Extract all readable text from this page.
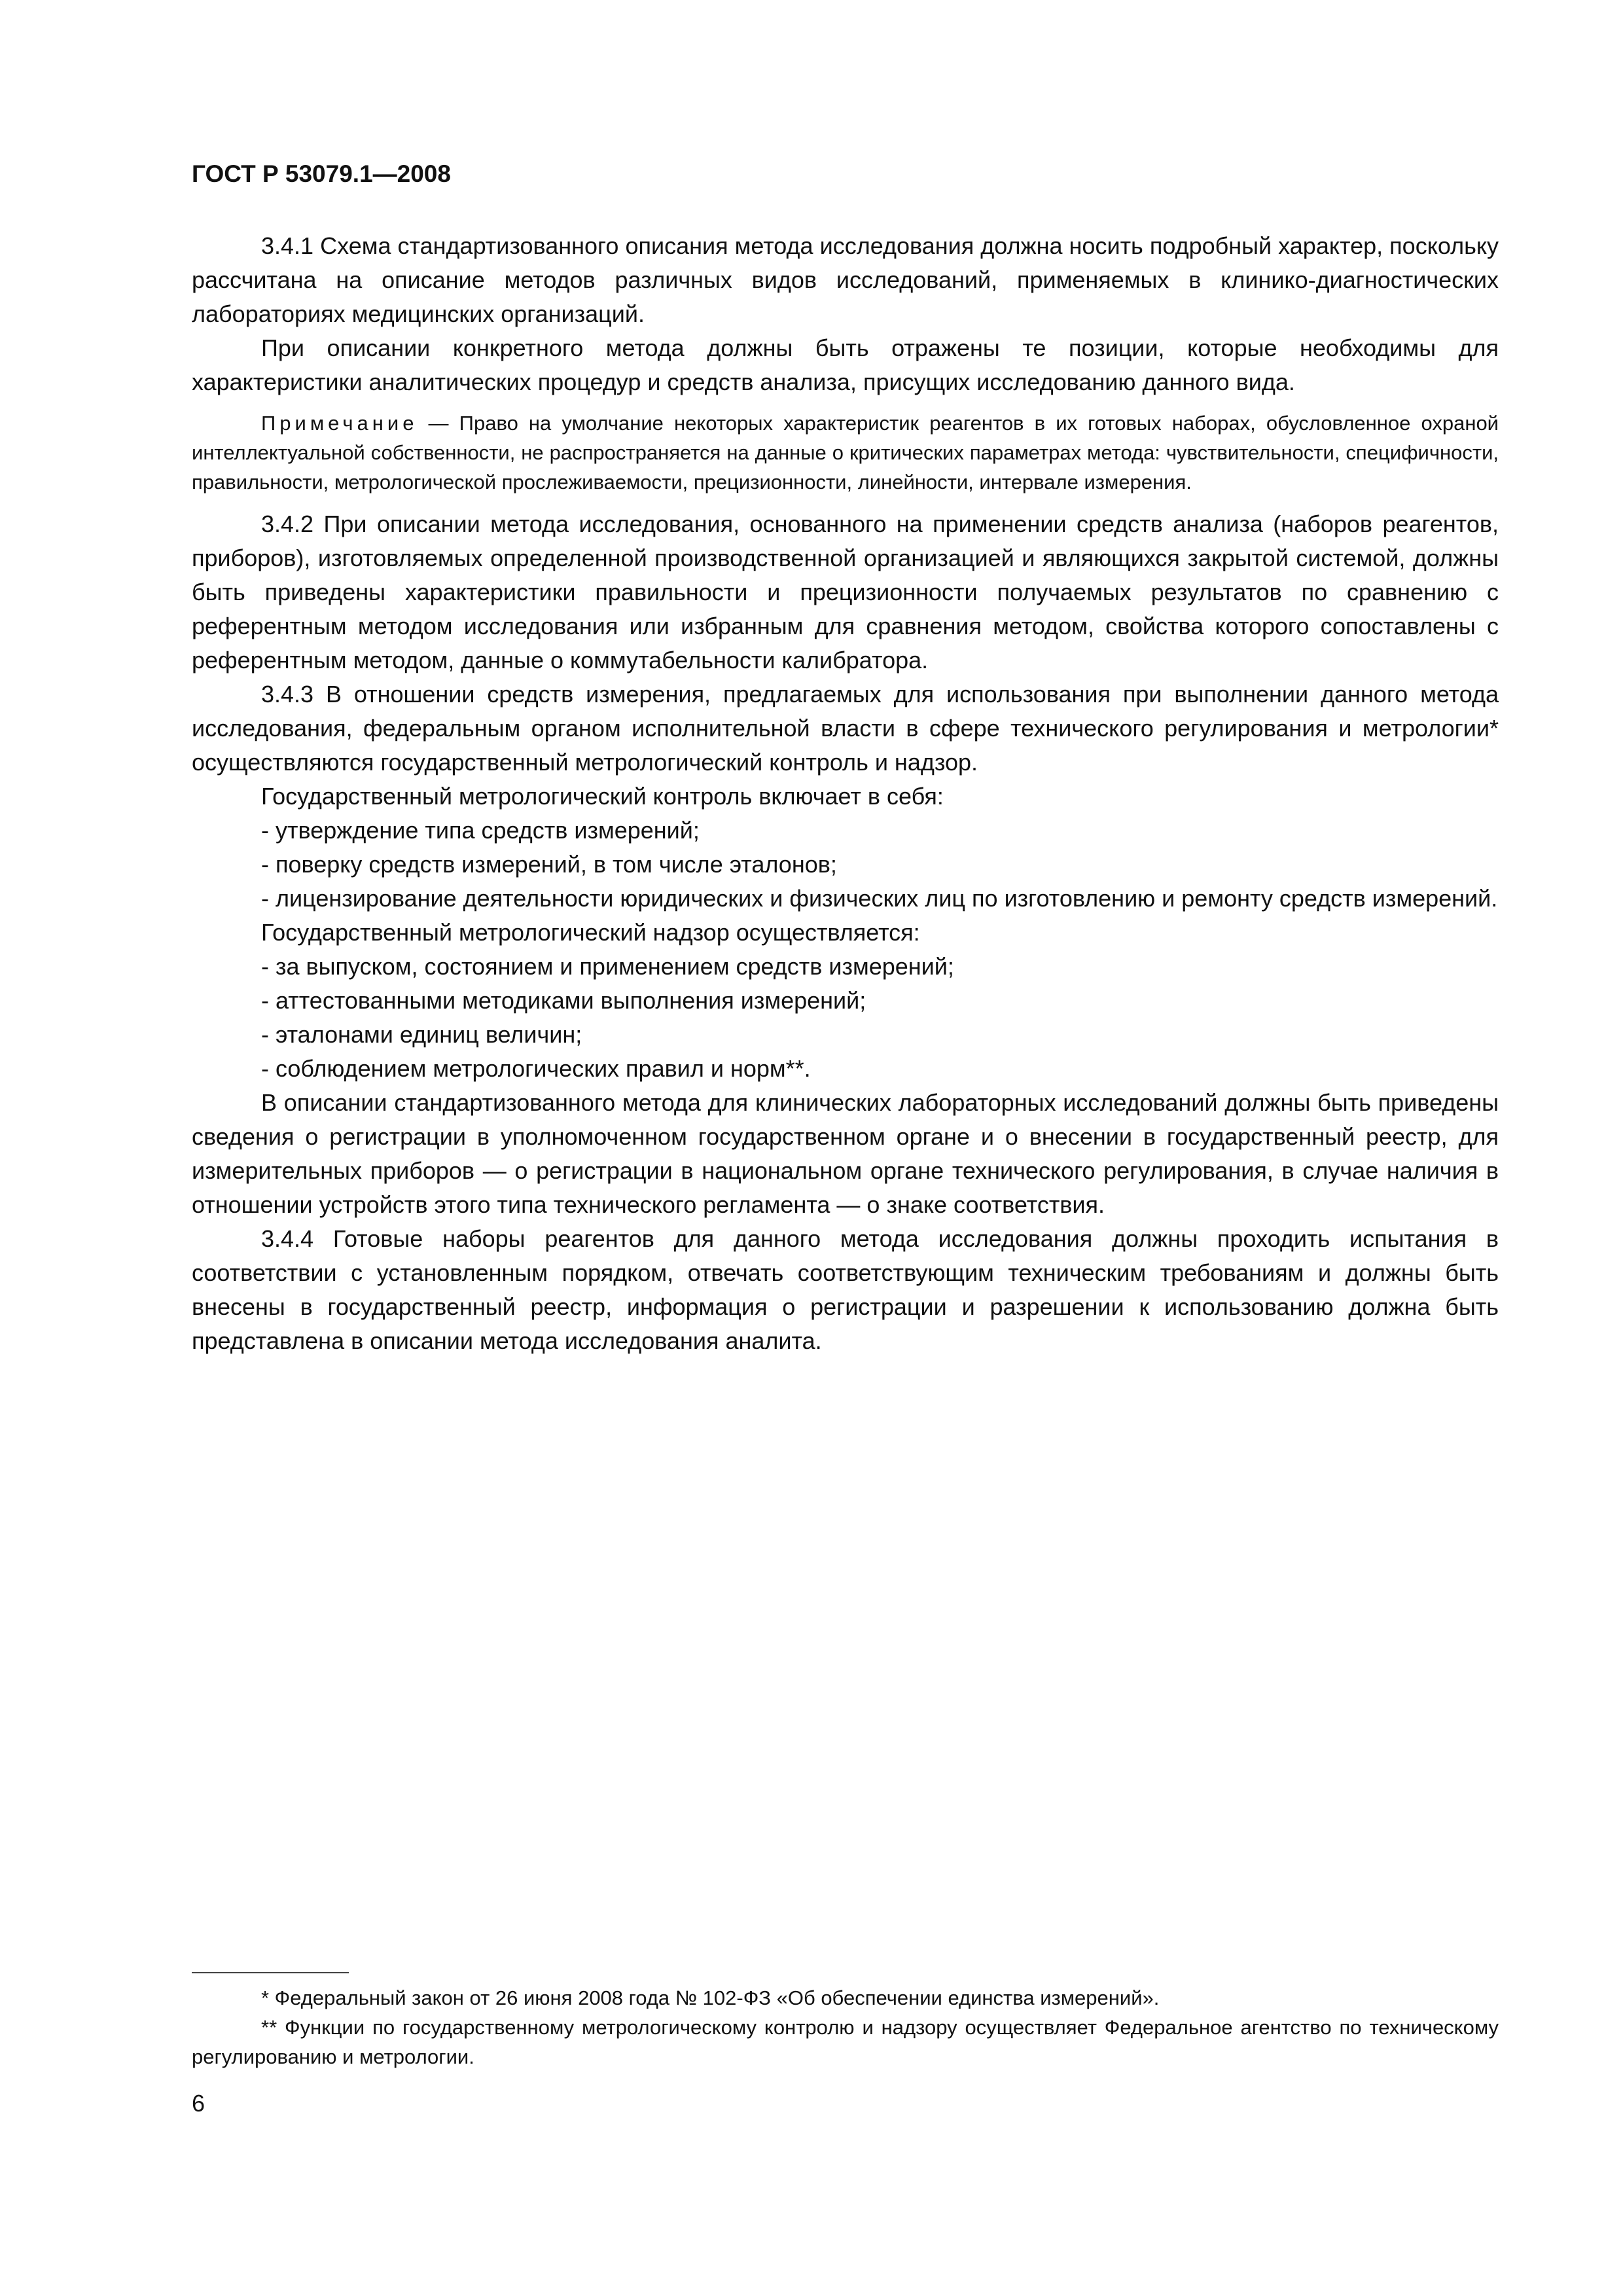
ГОСТ Р 53079.1—2008

3.4.1 Схема стандартизованного описания метода исследования должна носить подробный характер, поскольку рассчитана на описание методов различных видов исследований, применяемых в клинико-диагностических лабораториях медицинских организаций.

При описании конкретного метода должны быть отражены те позиции, которые необходимы для характеристики аналитических процедур и средств анализа, присущих исследованию данного вида.

Примечание — Право на умолчание некоторых характеристик реагентов в их готовых наборах, обусловленное охраной интеллектуальной собственности, не распространяется на данные о критических параметрах метода: чувствительности, специфичности, правильности, метрологической прослеживаемости, прецизионности, линейности, интервале измерения.

3.4.2 При описании метода исследования, основанного на применении средств анализа (наборов реагентов, приборов), изготовляемых определенной производственной организацией и являющихся закрытой системой, должны быть приведены характеристики правильности и прецизионности получаемых результатов по сравнению с референтным методом исследования или избранным для сравнения методом, свойства которого сопоставлены с референтным методом, данные о коммутабельности калибратора.

3.4.3 В отношении средств измерения, предлагаемых для использования при выполнении данного метода исследования, федеральным органом исполнительной власти в сфере технического регулирования и метрологии* осуществляются государственный метрологический контроль и надзор.

Государственный метрологический контроль включает в себя:

- утверждение типа средств измерений;

- поверку средств измерений, в том числе эталонов;

- лицензирование деятельности юридических и физических лиц по изготовлению и ремонту средств измерений.

Государственный метрологический надзор осуществляется:

- за выпуском, состоянием и применением средств измерений;

- аттестованными методиками выполнения измерений;

- эталонами единиц величин;

- соблюдением метрологических правил и норм**.

В описании стандартизованного метода для клинических лабораторных исследований должны быть приведены сведения о регистрации в уполномоченном государственном органе и о внесении в государственный реестр, для измерительных приборов — о регистрации в национальном органе технического регулирования, в случае наличия в отношении устройств этого типа технического регламента — о знаке соответствия.

3.4.4 Готовые наборы реагентов для данного метода исследования должны проходить испытания в соответствии с установленным порядком, отвечать соответствующим техническим требованиям и должны быть внесены в государственный реестр, информация о регистрации и разрешении к использованию должна быть представлена в описании метода исследования аналита.

* Федеральный закон от 26 июня 2008 года № 102-ФЗ «Об обеспечении единства измерений».

** Функции по государственному метрологическому контролю и надзору осуществляет Федеральное агентство по техническому регулированию и метрологии.

6
